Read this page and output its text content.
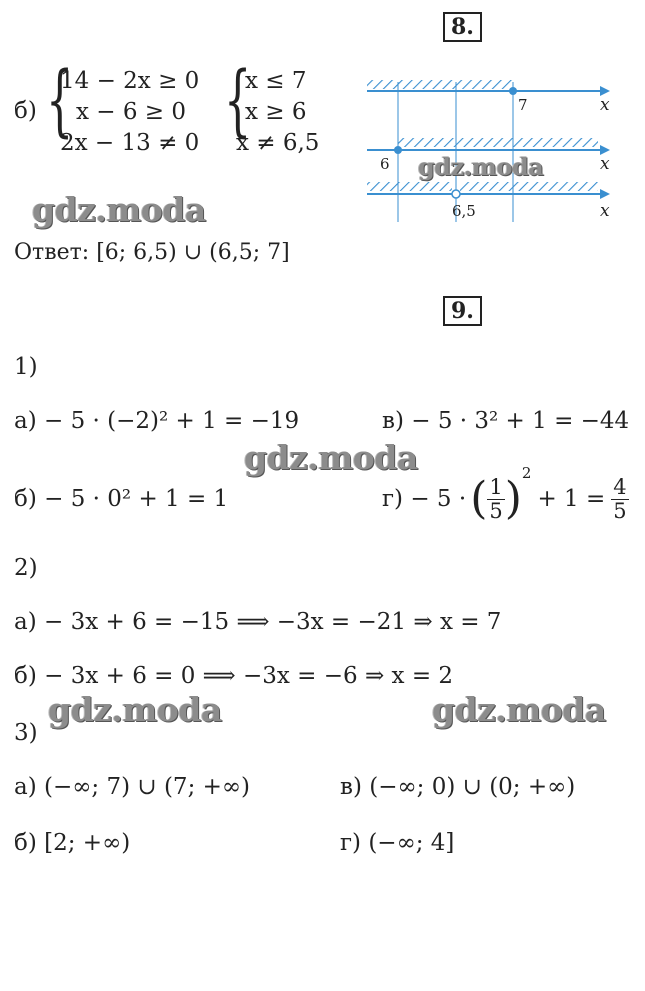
8.
б) {
14 − 2x ≥ 0
x − 6 ≥ 0
2x − 13 ≠ 0 {
x ≤ 7
x ≥ 6
x ≠ 6,5
7	x
6	x
6,5	x
Ответ: [6; 6,5) ∪ (6,5; 7]
9.
1)
а) − 5 · (−2)² + 1 = −19	в) − 5 · 3² + 1 = −44
б) − 5 · 0² + 1 = 1	г) − 5 · ( $\frac{1}{5}$ ) 2
+ $1 = \frac{4}{5}$
2)
а) − 3x + 6 = −15 ⟹ −3x = −21 ⇒ x = 7
б) − 3x + 6 = 0 ⟹ −3x = −6 ⇒ x = 2
3)
а) (−∞; 7) ∪ (7; +∞)	в) (−∞; 0) ∪ (0; +∞)
б) [2; +∞)	г) (−∞; 4]
gdz.moda
gdz.moda
gdz.moda
gdz.moda	gdz.moda
